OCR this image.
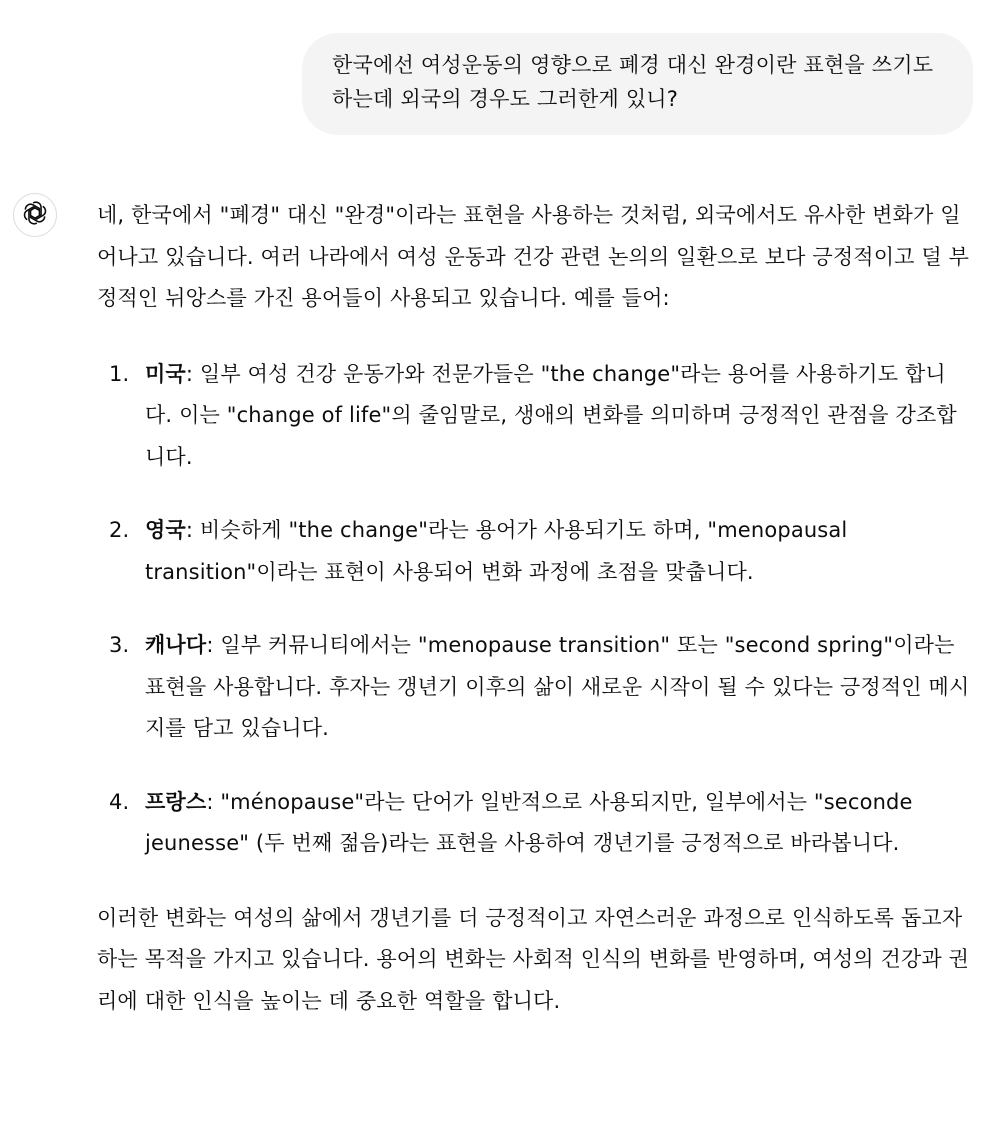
한국에선 여성운동의 영향으로 폐경 대신 완경이란 표현을 쓰기도 하는데 외국의 경우도 그러한게 있니?

네, 한국에서 "폐경" 대신 "완경"이라는 표현을 사용하는 것처럼, 외국에서도 유사한 변화가 일어나고 있습니다. 여러 나라에서 여성 운동과 건강 관련 논의의 일환으로 보다 긍정적이고 덜 부정적인 뉘앙스를 가진 용어들이 사용되고 있습니다. 예를 들어:

1. 미국: 일부 여성 건강 운동가와 전문가들은 "the change"라는 용어를 사용하기도 합니다. 이는 "change of life"의 줄임말로, 생애의 변화를 의미하며 긍정적인 관점을 강조합니다.
2. 영국: 비슷하게 "the change"라는 용어가 사용되기도 하며, "menopausal transition"이라는 표현이 사용되어 변화 과정에 초점을 맞춥니다.
3. 캐나다: 일부 커뮤니티에서는 "menopause transition" 또는 "second spring"이라는 표현을 사용합니다. 후자는 갱년기 이후의 삶이 새로운 시작이 될 수 있다는 긍정적인 메시지를 담고 있습니다.
4. 프랑스: "ménopause"라는 단어가 일반적으로 사용되지만, 일부에서는 "seconde jeunesse" (두 번째 젊음)라는 표현을 사용하여 갱년기를 긍정적으로 바라봅니다.

이러한 변화는 여성의 삶에서 갱년기를 더 긍정적이고 자연스러운 과정으로 인식하도록 돕고자 하는 목적을 가지고 있습니다. 용어의 변화는 사회적 인식의 변화를 반영하며, 여성의 건강과 권리에 대한 인식을 높이는 데 중요한 역할을 합니다.
